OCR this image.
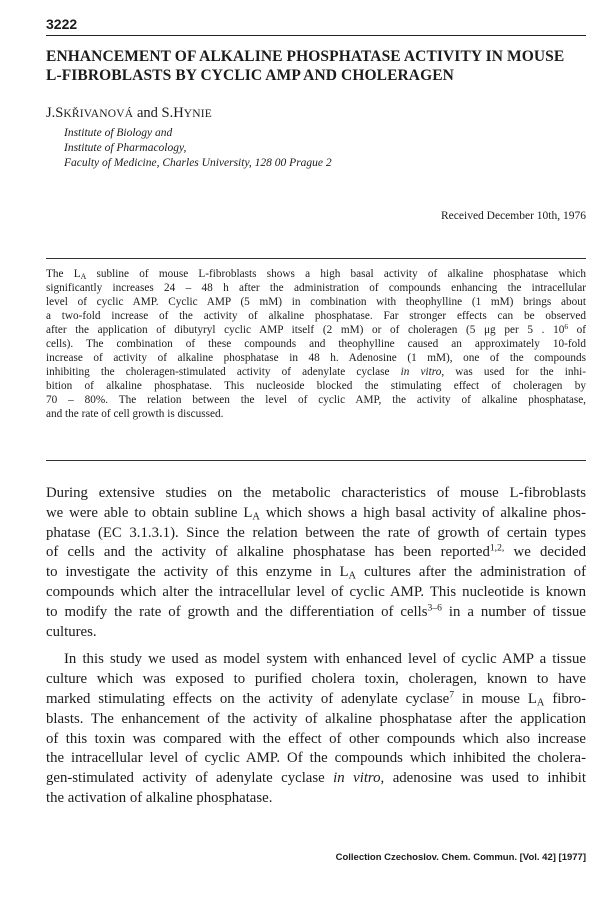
3222
ENHANCEMENT OF ALKALINE PHOSPHATASE ACTIVITY IN MOUSE
L-FIBROBLASTS BY CYCLIC AMP AND CHOLERAGEN
J.SKŘIVANOVÁ and S.HYNIE
Institute of Biology and
Institute of Pharmacology,
Faculty of Medicine, Charles University, 128 00 Prague 2
Received December 10th, 1976
The $L_A$ subline of mouse L-fibroblasts shows a high basal activity of alkaline phosphatase which
significantly increases 24 – 48 h after the administration of compounds enhancing the intracellular
level of cyclic AMP. Cyclic AMP (5 mM) in combination with theophylline (1 mM) brings about
a two-fold increase of the activity of alkaline phosphatase. Far stronger effects can be observed
after the application of dibutyryl cyclic AMP itself (2 mM) or of choleragen (5 μg per 5 . $10^6$ of
cells). The combination of these compounds and theophylline caused an approximately 10-fold
increase of activity of alkaline phosphatase in 48 h. Adenosine (1 mM), one of the compounds
inhibiting the choleragen-stimulated activity of adenylate cyclase in vitro, was used for the inhi-
bition of alkaline phosphatase. This nucleoside blocked the stimulating effect of choleragen by
70 – 80%. The relation between the level of cyclic AMP, the activity of alkaline phosphatase,
and the rate of cell growth is discussed.
During extensive studies on the metabolic characteristics of mouse L-fibroblasts
we were able to obtain subline $L_A$ which shows a high basal activity of alkaline phos-
phatase (EC 3.1.3.1). Since the relation between the rate of growth of certain types
of cells and the activity of alkaline phosphatase has been reported$^{1,2,}$ we decided
to investigate the activity of this enzyme in $L_A$ cultures after the administration of
compounds which alter the intracellular level of cyclic AMP. This nucleotide is known
to modify the rate of growth and the differentiation of cells$^{3-6}$ in a number of tissue
cultures.
In this study we used as model system with enhanced level of cyclic AMP a tissue
culture which was exposed to purified cholera toxin, choleragen, known to have
marked stimulating effects on the activity of adenylate cyclase$^7$ in mouse $L_A$ fibro-
blasts. The enhancement of the activity of alkaline phosphatase after the application
of this toxin was compared with the effect of other compounds which also increase
the intracellular level of cyclic AMP. Of the compounds which inhibited the cholera-
gen-stimulated activity of adenylate cyclase in vitro, adenosine was used to inhibit
the activation of alkaline phosphatase.
Collection Czechoslov. Chem. Commun. [Vol. 42] [1977]
